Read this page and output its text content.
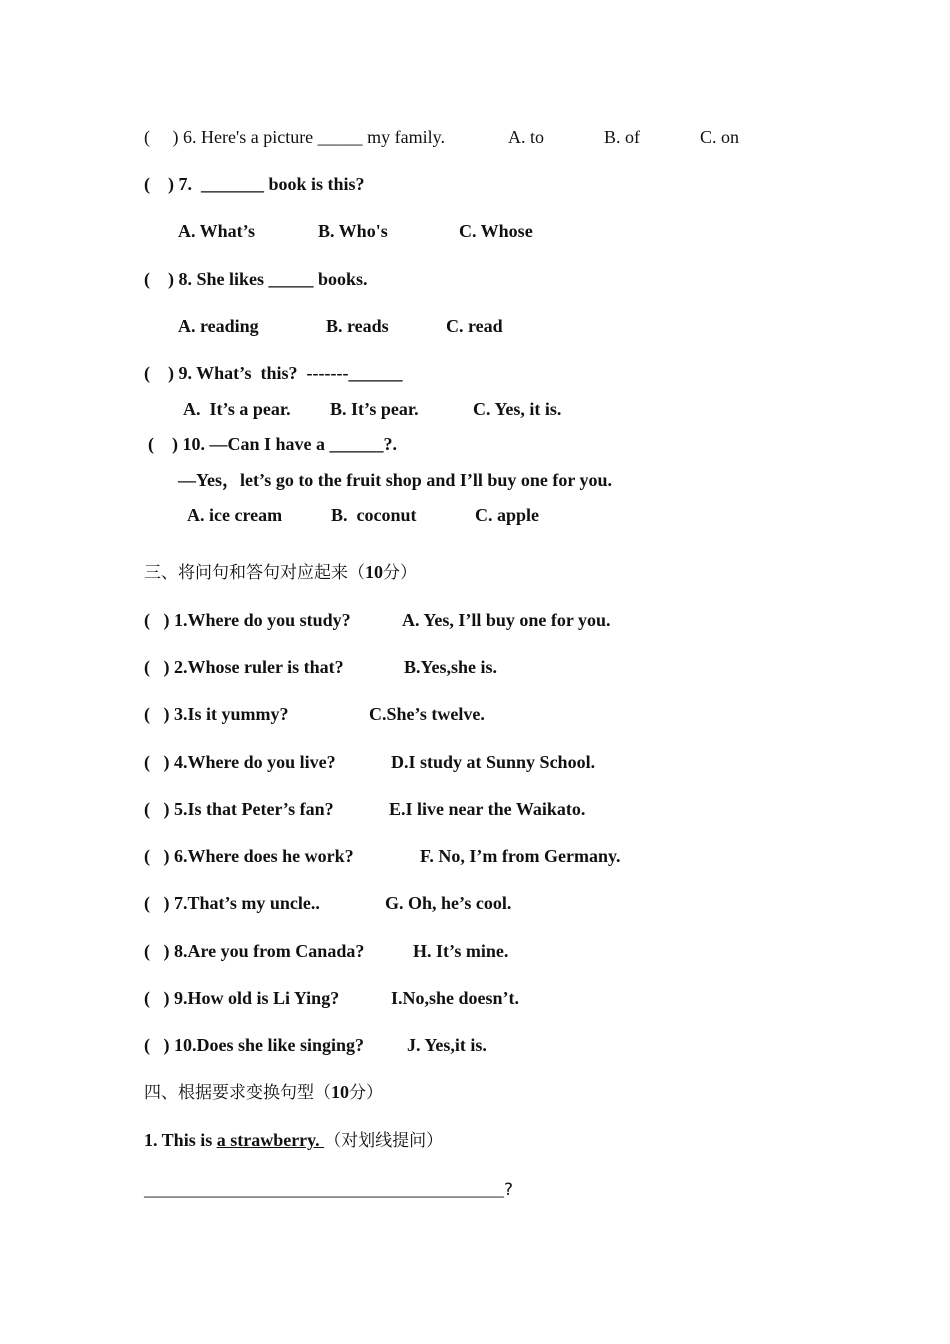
(     ) 6. Here's a picture _____ my family.	A. to	B. of	C. on
(    ) 7.  _______ book is this?
A. What’s	B. Who's	C. Whose
(    ) 8. She likes _____ books.
A. reading	B. reads	C. read
(    ) 9. What’s  this?  -------______
A.  It’s a pear. B. It’s pear.	C. Yes, it is.
(    ) 10. —Can I have a ______?.
—Yes，let’s go to the fruit shop and I’ll buy one for you.
A. ice cream	B.  coconut	C. apple
三、将问句和答句对应起来（10分）
(   ) 1.Where do you study?	A. Yes, I’ll buy one for you.
(   ) 2.Whose ruler is that?	B.Yes,she is.
(   ) 3.Is it yummy?	C.She’s twelve.
(   ) 4.Where do you live?	D.I study at Sunny School.
(   ) 5.Is that Peter’s fan?	E.I live near the Waikato.
(   ) 6.Where does he work?	F. No, I’m from Germany.
(   ) 7.That’s my uncle..	G. Oh, he’s cool.
(   ) 8.Are you from Canada?	H. It’s mine.
(   ) 9.How old is Li Ying?	I.No,she doesn’t.
(   ) 10.Does she like singing? J. Yes,it is.
四、根据要求变换句型（10分）
1. This is a strawberry. （对划线提问）
________________________________________?
